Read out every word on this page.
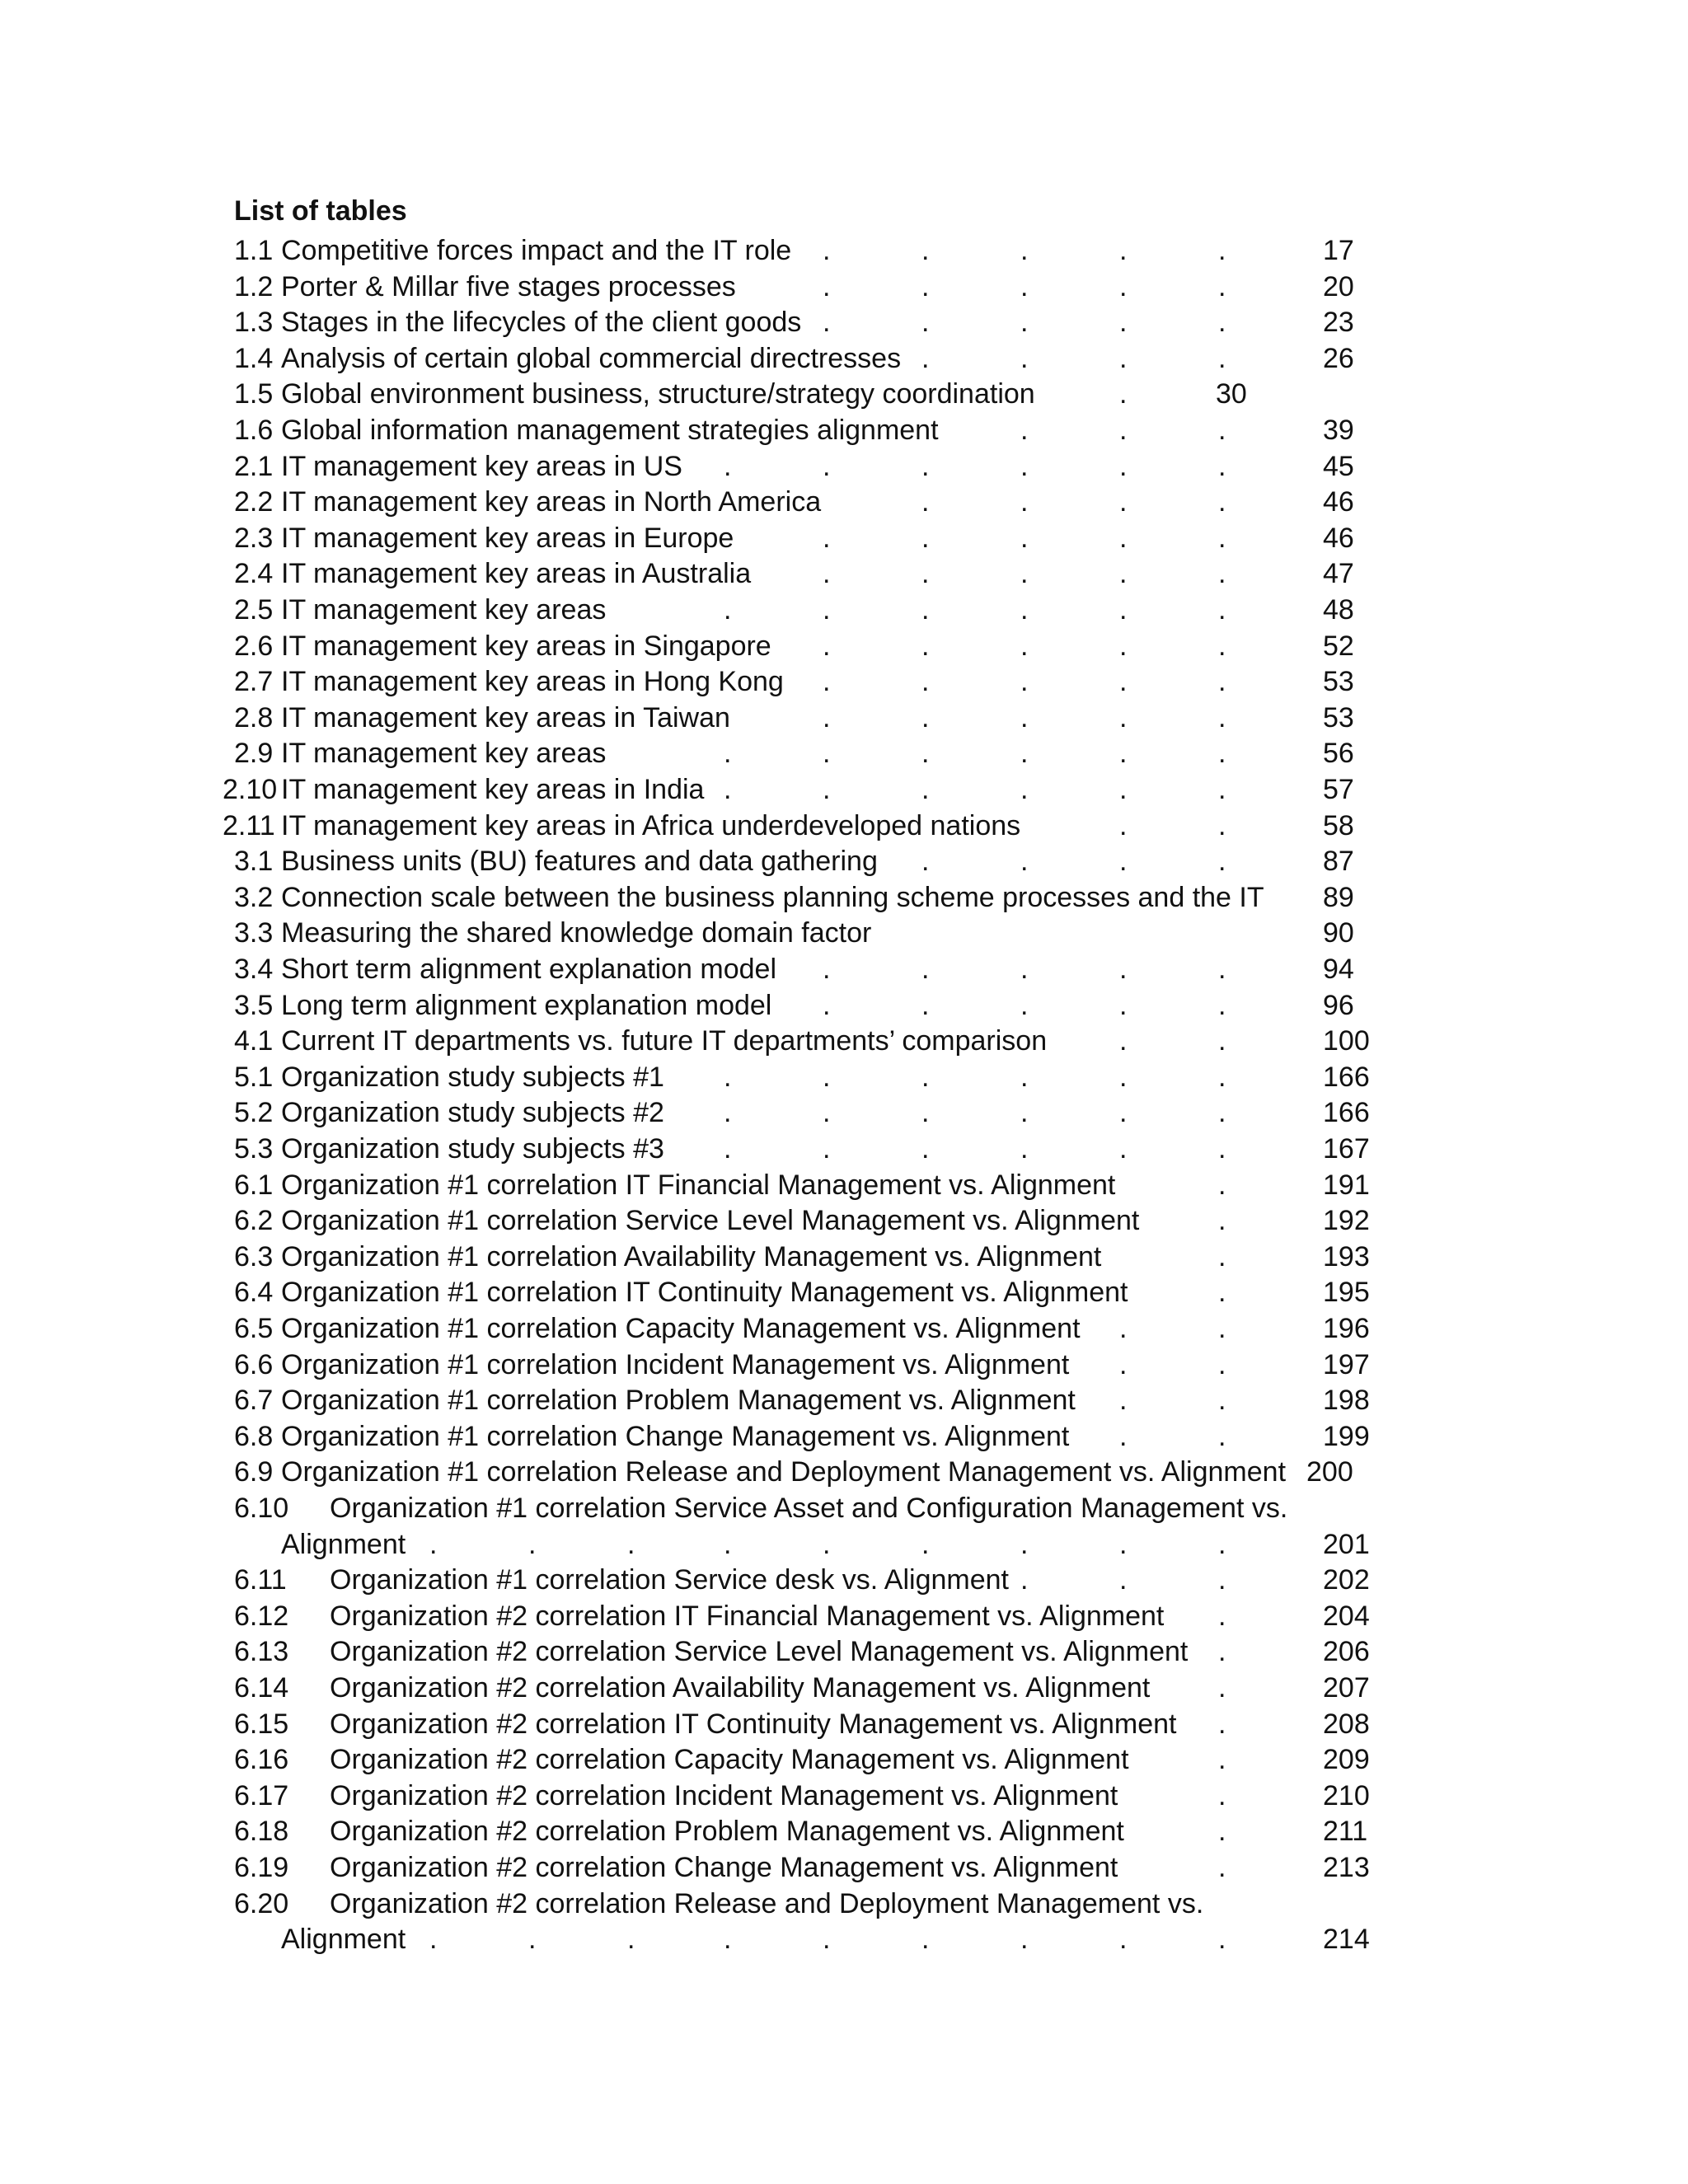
List of tables
1.1 Competitive forces impact and the IT role .	.	.	.	.	17
1.2 Porter & Millar five stages processes	.	.	.	.	.	20
1.3 Stages in the lifecycles of the client goods .	.	.	.	.	23
1.4 Analysis of certain global commercial directresses .	.	.	.	26
1.5 Global environment business, structure/strategy coordination	.	30
1.6 Global information management strategies alignment	.	.	.	39
2.1 IT management key areas in US .	.	.	.	.	.	45
2.2 IT management key areas in North America	.	.	.	.	46
2.3 IT management key areas in Europe	.	.	.	.	.	46
2.4 IT management key areas in Australia	.	.	.	.	.	47
2.5 IT management key areas	.	.	.	.	.	.	48
2.6 IT management key areas in Singapore .	.	.	.	.	52
2.7 IT management key areas in Hong Kong .	.	.	.	.	53
2.8 IT management key areas in Taiwan	.	.	.	.	.	53
2.9 IT management key areas	.	.	.	.	.	.	56
2.10 IT management key areas in India .	.	.	.	.	.	57
2.11 IT management key areas in Africa underdeveloped nations	.	.	58
3.1 Business units (BU) features and data gathering .	.	.	.	87
3.2 Connection scale between the business planning scheme processes and the IT 89
3.3 Measuring the shared knowledge domain factor	90
3.4 Short term alignment explanation model .	.	.	.	.	94
3.5 Long term alignment explanation model .	.	.	.	.	96
4.1 Current IT departments vs. future IT departments’ comparison	.	.	100
5.1 Organization study subjects #1 .	.	.	.	.	.	166
5.2 Organization study subjects #2 .	.	.	.	.	.	166
5.3 Organization study subjects #3 .	.	.	.	.	.	167
6.1 Organization #1 correlation IT Financial Management vs. Alignment	.	191
6.2 Organization #1 correlation Service Level Management vs. Alignment	.	192
6.3 Organization #1 correlation Availability Management vs. Alignment	.	193
6.4 Organization #1 correlation IT Continuity Management vs. Alignment	.	195
6.5 Organization #1 correlation Capacity Management vs. Alignment .	.	196
6.6 Organization #1 correlation Incident Management vs. Alignment .	.	197
6.7 Organization #1 correlation Problem Management vs. Alignment .	.	198
6.8 Organization #1 correlation Change Management vs. Alignment .	.	199
6.9 Organization #1 correlation Release and Deployment Management vs. Alignment 200
6.10 Organization #1 correlation Service Asset and Configuration Management vs.
Alignment .	.	.	.	.	.	.	.	.	201
6.11 Organization #1 correlation Service desk vs. Alignment .	.	.	202
6.12 Organization #2 correlation IT Financial Management vs. Alignment .	204
6.13 Organization #2 correlation Service Level Management vs. Alignment .	206
6.14 Organization #2 correlation Availability Management vs. Alignment .	207
6.15 Organization #2 correlation IT Continuity Management vs. Alignment .	208
6.16 Organization #2 correlation Capacity Management vs. Alignment	.	209
6.17 Organization #2 correlation Incident Management vs. Alignment	.	210
6.18 Organization #2 correlation Problem Management vs. Alignment	.	211
6.19 Organization #2 correlation Change Management vs. Alignment	.	213
6.20 Organization #2 correlation Release and Deployment Management vs.
Alignment .	.	.	.	.	.	.	.	.	214
